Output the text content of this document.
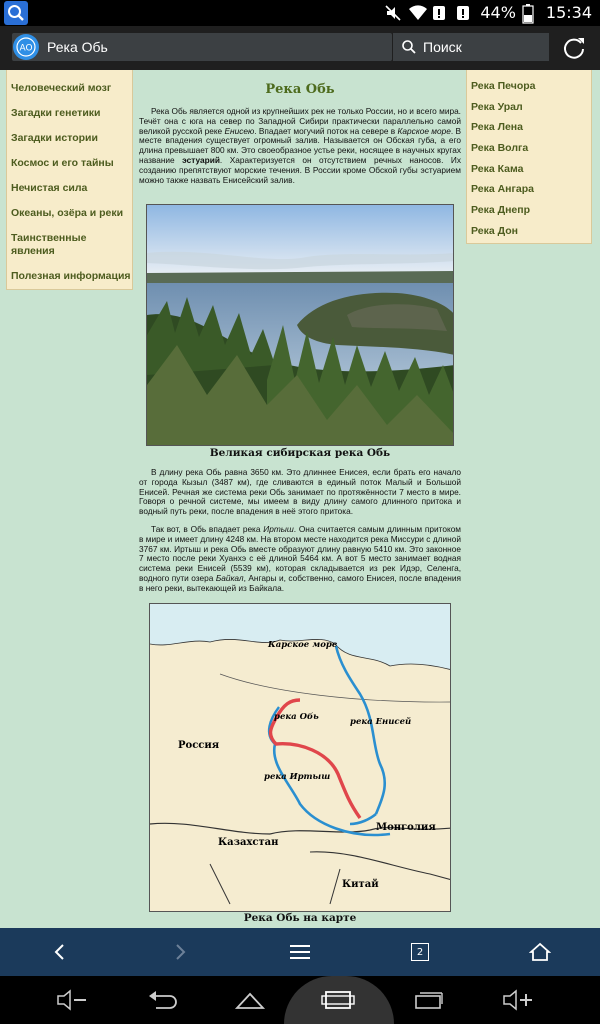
44% 15:34
AO Река Обь	Поиск
Человеческий мозг
Загадки генетики
Загадки истории
Космос и его тайны
Нечистая сила
Океаны, озёра и реки
Таинственные явления
Полезная информация
Река Печора
Река Урал
Река Лена
Река Волга
Река Кама
Река Ангара
Река Днепр
Река Дон
Река Обь

Река Обь является одной из крупнейших рек не только России, но и всего мира. Течёт она с юга на север по Западной Сибири практически параллельно самой великой русской реке Енисею. Впадает могучий поток на севере в Карское море. В месте впадения существует огромный залив. Называется он Обская губа, а его длина превышает 800 км. Это своеобразное устье реки, носящее в научных кругах название эстуарий. Характеризуется он отсутствием речных наносов. Их созданию препятствуют морские течения. В России кроме Обской губы эстуарием можно также назвать Енисейский залив.

Великая сибирская река Обь

В длину река Обь равна 3650 км. Это длиннее Енисея, если брать его начало от города Кызыл (3487 км), где сливаются в единый поток Малый и Большой Енисей. Речная же система реки Обь занимает по протяжённости 7 место в мире. Говоря о речной системе, мы имеем в виду длину самого длинного притока и водный путь реки, после впадения в неё этого притока.

Так вот, в Обь впадает река Иртыш. Она считается самым длинным притоком в мире и имеет длину 4248 км. На втором месте находится река Миссури с длиной 3767 км. Иртыш и река Обь вместе образуют длину равную 5410 км. Это законное 7 место после реки Хуанхэ с её длиной 5464 км. А вот 5 место занимает водная система реки Енисей (5539 км), которая складывается из рек Идэр, Селенга, водного пути озера Байкал, Ангары и, собственно, самого Енисея, после впадения в него реки, вытекающей из Байкала.

Карское море
река Обь	река Енисей
река Иртыш
Россия
Казахстан
Монголия
Китай
Река Обь на карте
2
